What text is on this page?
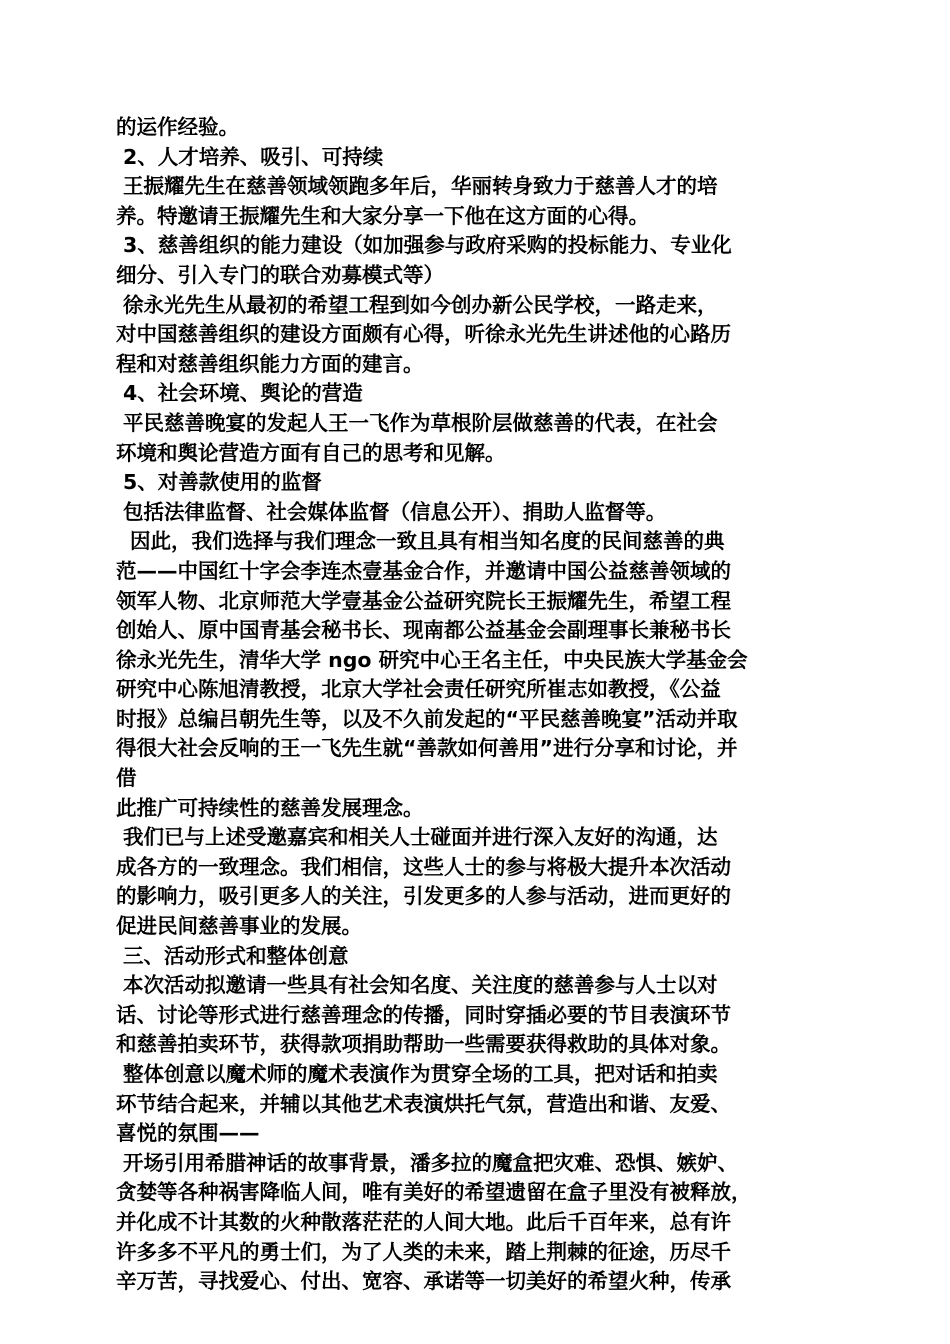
的运作经验。
2、人才培养、吸引、可持续
王振耀先生在慈善领域领跑多年后，华丽转身致力于慈善人才的培
养。特邀请王振耀先生和大家分享一下他在这方面的心得。
3、慈善组织的能力建设（如加强参与政府采购的投标能力、专业化
细分、引入专门的联合劝募模式等）
徐永光先生从最初的希望工程到如今创办新公民学校，一路走来，
对中国慈善组织的建设方面颇有心得，听徐永光先生讲述他的心路历
程和对慈善组织能力方面的建言。
4、社会环境、舆论的营造
平民慈善晚宴的发起人王一飞作为草根阶层做慈善的代表，在社会
环境和舆论营造方面有自己的思考和见解。
5、对善款使用的监督
包括法律监督、社会媒体监督（信息公开）、捐助人监督等。
因此，我们选择与我们理念一致且具有相当知名度的民间慈善的典
范——中国红十字会李连杰壹基金合作，并邀请中国公益慈善领域的
领军人物、北京师范大学壹基金公益研究院长王振耀先生，希望工程
创始人、原中国青基会秘书长、现南都公益基金会副理事长兼秘书长
徐永光先生，清华大学 ngo 研究中心王名主任，中央民族大学基金会
研究中心陈旭清教授，北京大学社会责任研究所崔志如教授，《公益
时报》总编吕朝先生等，以及不久前发起的“平民慈善晚宴”活动并取
得很大社会反响的王一飞先生就“善款如何善用”进行分享和讨论，并
借
此推广可持续性的慈善发展理念。
我们已与上述受邀嘉宾和相关人士碰面并进行深入友好的沟通，达
成各方的一致理念。我们相信，这些人士的参与将极大提升本次活动
的影响力，吸引更多人的关注，引发更多的人参与活动，进而更好的
促进民间慈善事业的发展。
三、活动形式和整体创意
本次活动拟邀请一些具有社会知名度、关注度的慈善参与人士以对
话、讨论等形式进行慈善理念的传播，同时穿插必要的节目表演环节
和慈善拍卖环节，获得款项捐助帮助一些需要获得救助的具体对象。
整体创意以魔术师的魔术表演作为贯穿全场的工具，把对话和拍卖
环节结合起来，并辅以其他艺术表演烘托气氛，营造出和谐、友爱、
喜悦的氛围——
开场引用希腊神话的故事背景，潘多拉的魔盒把灾难、恐惧、嫉妒、
贪婪等各种祸害降临人间，唯有美好的希望遗留在盒子里没有被释放，
并化成不计其数的火种散落茫茫的人间大地。此后千百年来，总有许
许多多不平凡的勇士们，为了人类的未来，踏上荆棘的征途，历尽千
辛万苦，寻找爱心、付出、宽容、承诺等一切美好的希望火种，传承
